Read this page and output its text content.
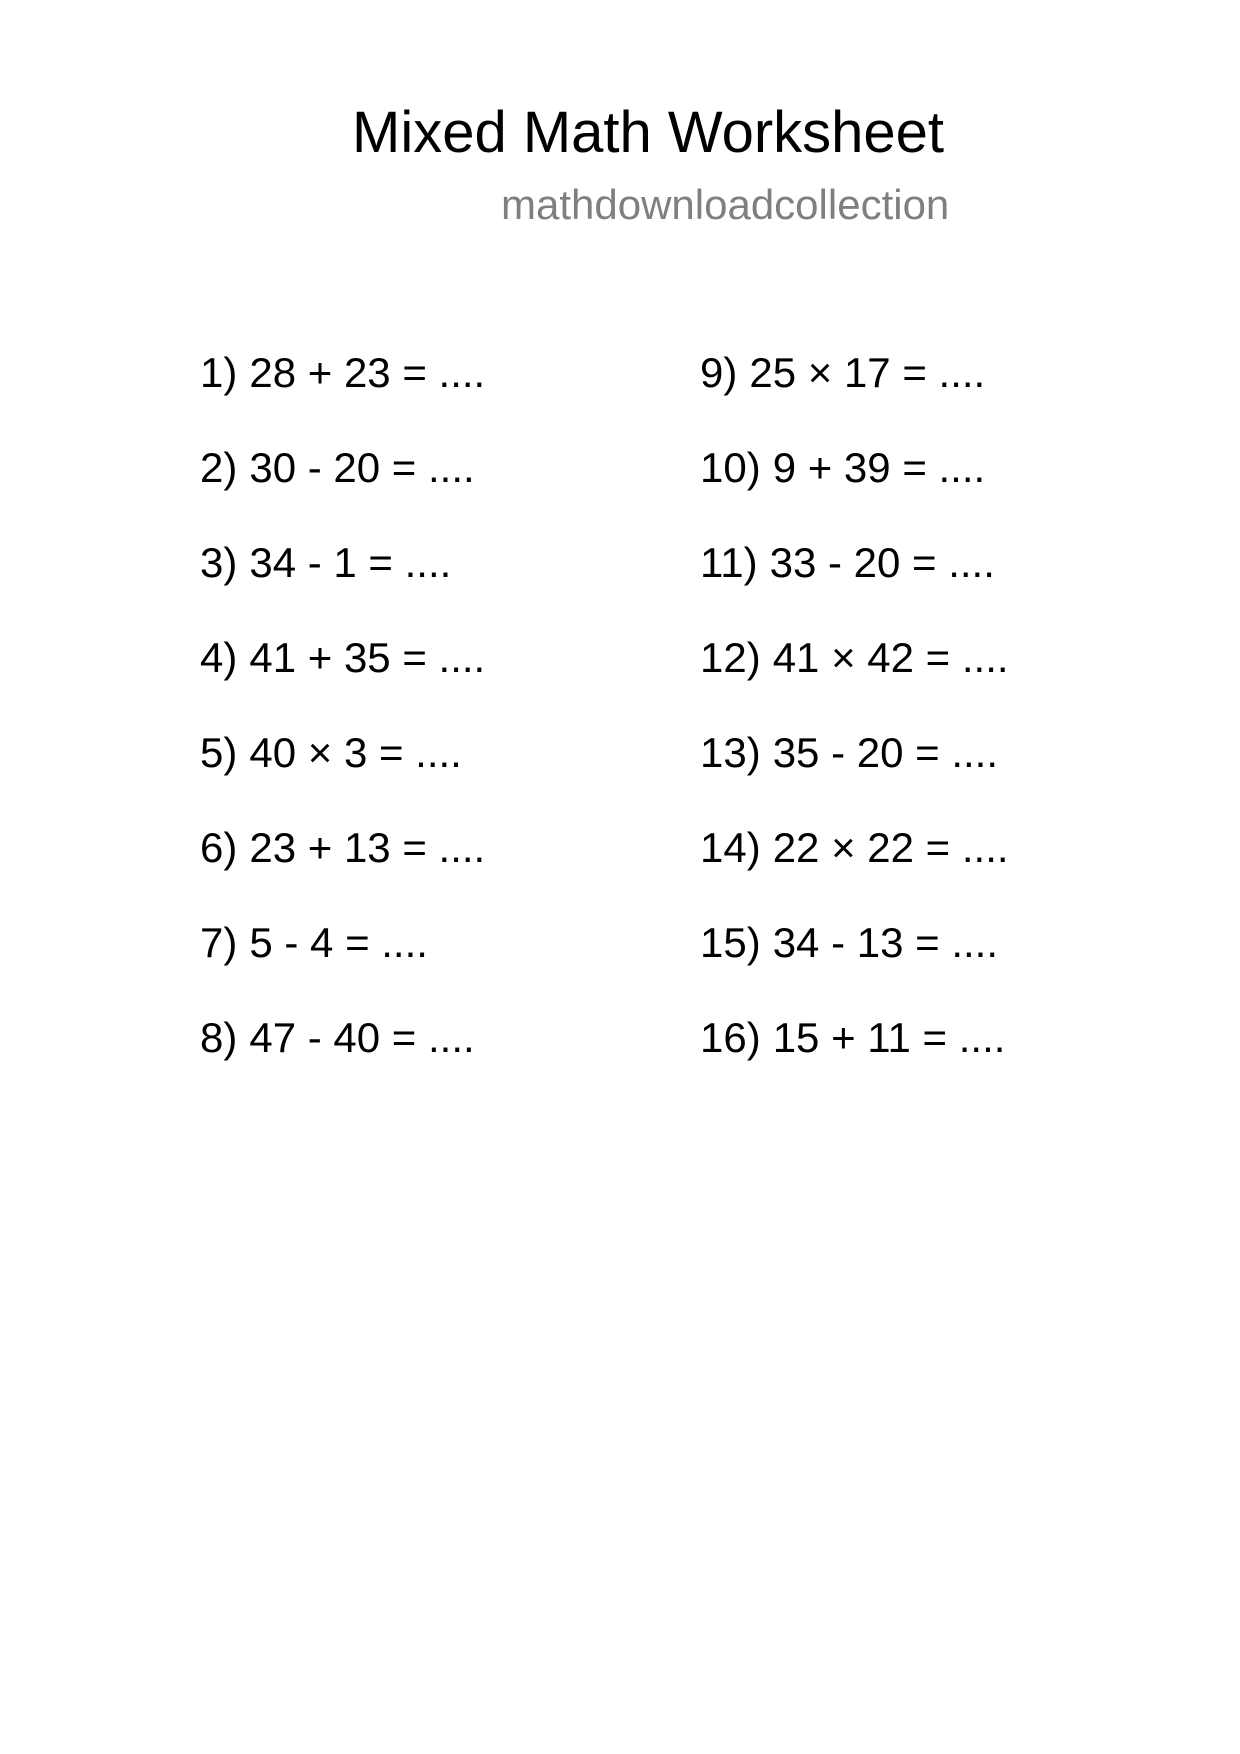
Mixed Math Worksheet
mathdownloadcollection
1) 28 + 23 = ....
2) 30 - 20 = ....
3) 34 - 1 = ....
4) 41 + 35 = ....
5) 40 × 3 = ....
6) 23 + 13 = ....
7) 5 - 4 = ....
8) 47 - 40 = ....
9) 25 × 17 = ....
10) 9 + 39 = ....
11) 33 - 20 = ....
12) 41 × 42 = ....
13) 35 - 20 = ....
14) 22 × 22 = ....
15) 34 - 13 = ....
16) 15 + 11 = ....
